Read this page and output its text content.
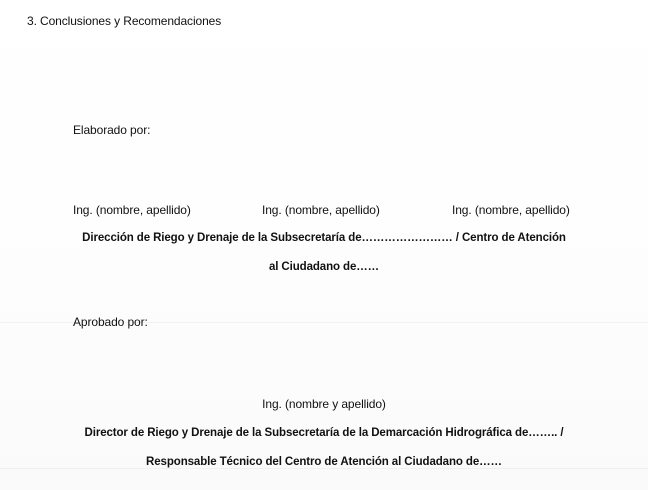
3. Conclusiones y Recomendaciones
Elaborado por:
Ing. (nombre, apellido)	Ing. (nombre, apellido)	Ing. (nombre, apellido)
Dirección de Riego y Drenaje de la Subsecretaría de…………………… / Centro de Atención
al Ciudadano de……
Aprobado por:
Ing. (nombre y apellido)
Director de Riego y Drenaje de la Subsecretaría de la Demarcación Hidrográfica de…….. /
Responsable Técnico del Centro de Atención al Ciudadano de……
